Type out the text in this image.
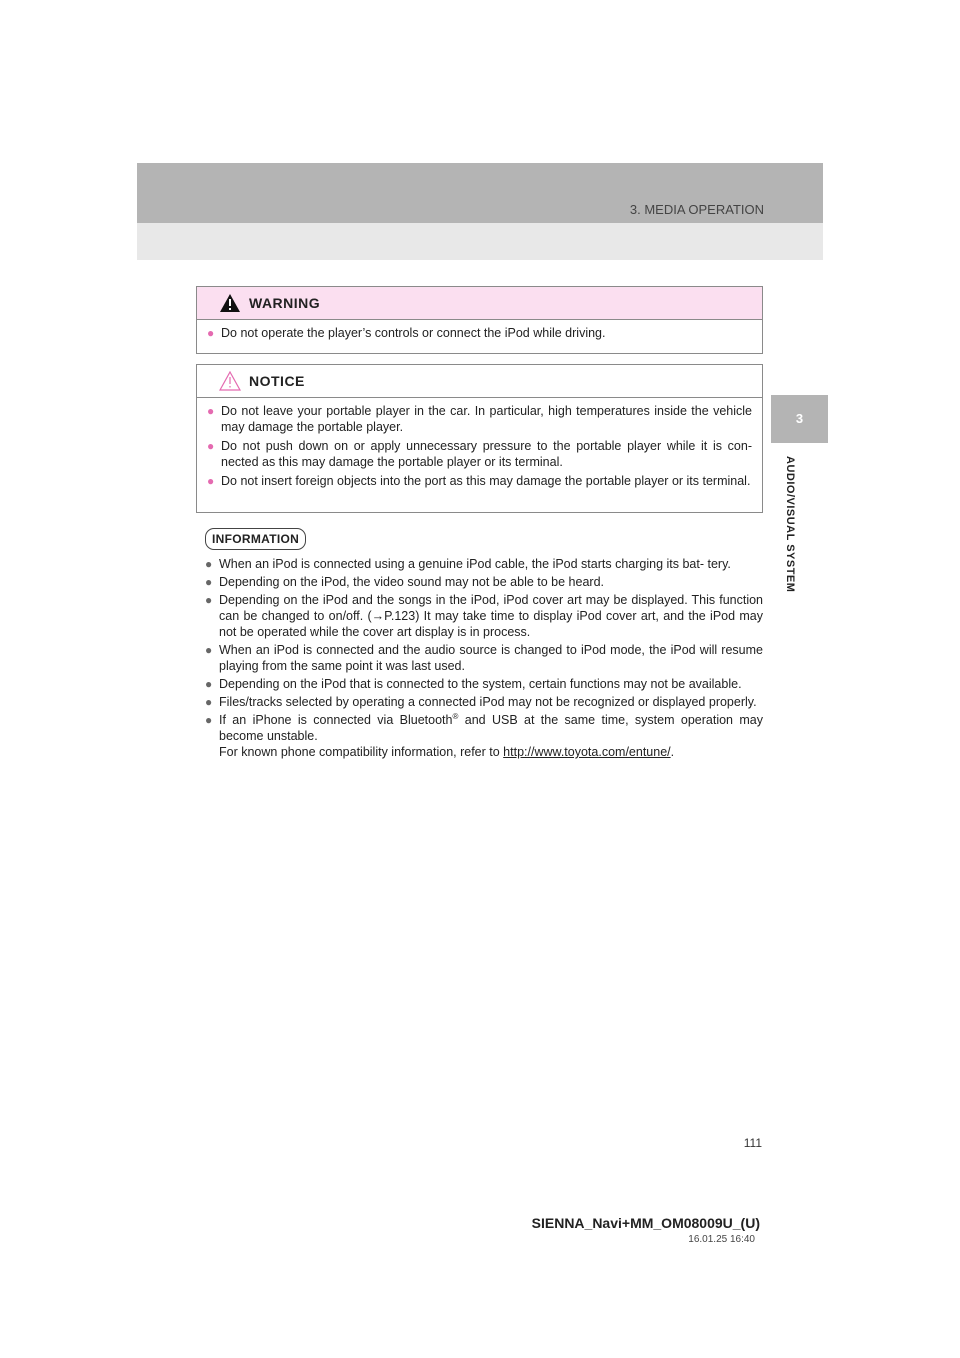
3. MEDIA OPERATION
3
AUDIO/VISUAL SYSTEM
WARNING
● Do not operate the player’s controls or connect the iPod while driving.
NOTICE
● Do not leave your portable player in the car. In particular, high temperatures inside the vehicle may damage the portable player.
● Do not push down on or apply unnecessary pressure to the portable player while it is con- nected as this may damage the portable player or its terminal.
● Do not insert foreign objects into the port as this may damage the portable player or its terminal.
INFORMATION
● When an iPod is connected using a genuine iPod cable, the iPod starts charging its bat- tery.
● Depending on the iPod, the video sound may not be able to be heard.
● Depending on the iPod and the songs in the iPod, iPod cover art may be displayed. This function can be changed to on/off. (→P.123) It may take time to display iPod cover art, and the iPod may not be operated while the cover art display is in process.
● When an iPod is connected and the audio source is changed to iPod mode, the iPod will resume playing from the same point it was last used.
● Depending on the iPod that is connected to the system, certain functions may not be available.
● Files/tracks selected by operating a connected iPod may not be recognized or displayed properly.
● If an iPhone is connected via Bluetooth® and USB at the same time, system operation may become unstable.
For known phone compatibility information, refer to http://www.toyota.com/entune/.
111
SIENNA_Navi+MM_OM08009U_(U)
16.01.25 16:40
